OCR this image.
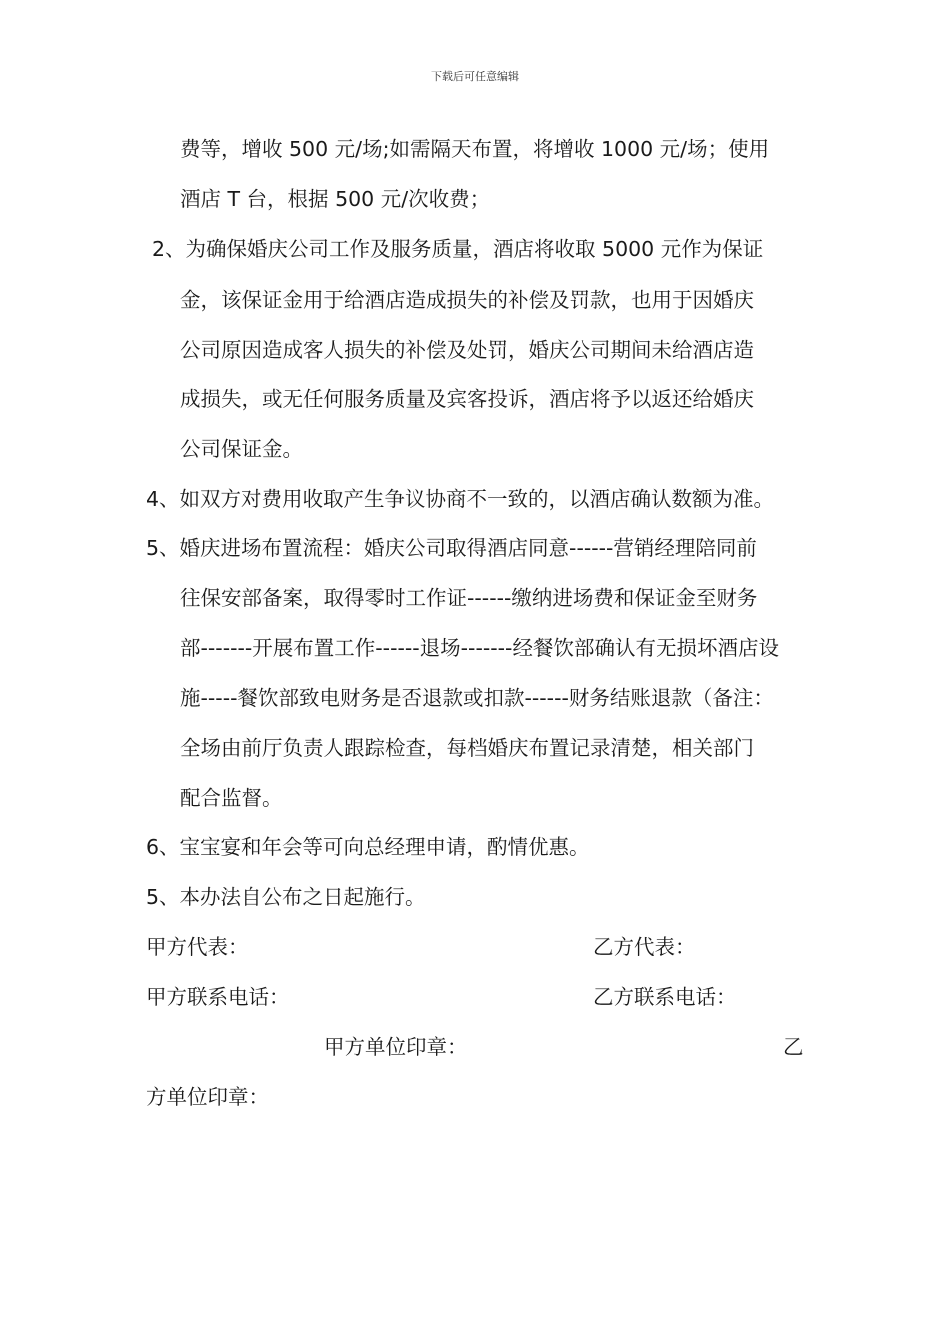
下载后可任意编辑
费等，增收 500 元/场;如需隔天布置，将增收 1000 元/场；使用
酒店 T 台，根据 500 元/次收费；
2、为确保婚庆公司工作及服务质量，酒店将收取 5000 元作为保证
金，该保证金用于给酒店造成损失的补偿及罚款，也用于因婚庆
公司原因造成客人损失的补偿及处罚，婚庆公司期间未给酒店造
成损失，或无任何服务质量及宾客投诉，酒店将予以返还给婚庆
公司保证金。
4、如双方对费用收取产生争议协商不一致的，以酒店确认数额为准。
5、婚庆进场布置流程：婚庆公司取得酒店同意------营销经理陪同前
往保安部备案，取得零时工作证------缴纳进场费和保证金至财务
部-------开展布置工作------退场-------经餐饮部确认有无损坏酒店设
施-----餐饮部致电财务是否退款或扣款------财务结账退款（备注：
全场由前厅负责人跟踪检查，每档婚庆布置记录清楚，相关部门
配合监督。
6、宝宝宴和年会等可向总经理申请，酌情优惠。
5、本办法自公布之日起施行。
甲方代表：	乙方代表：
甲方联系电话：	乙方联系电话：
甲方单位印章：	乙
方单位印章：
